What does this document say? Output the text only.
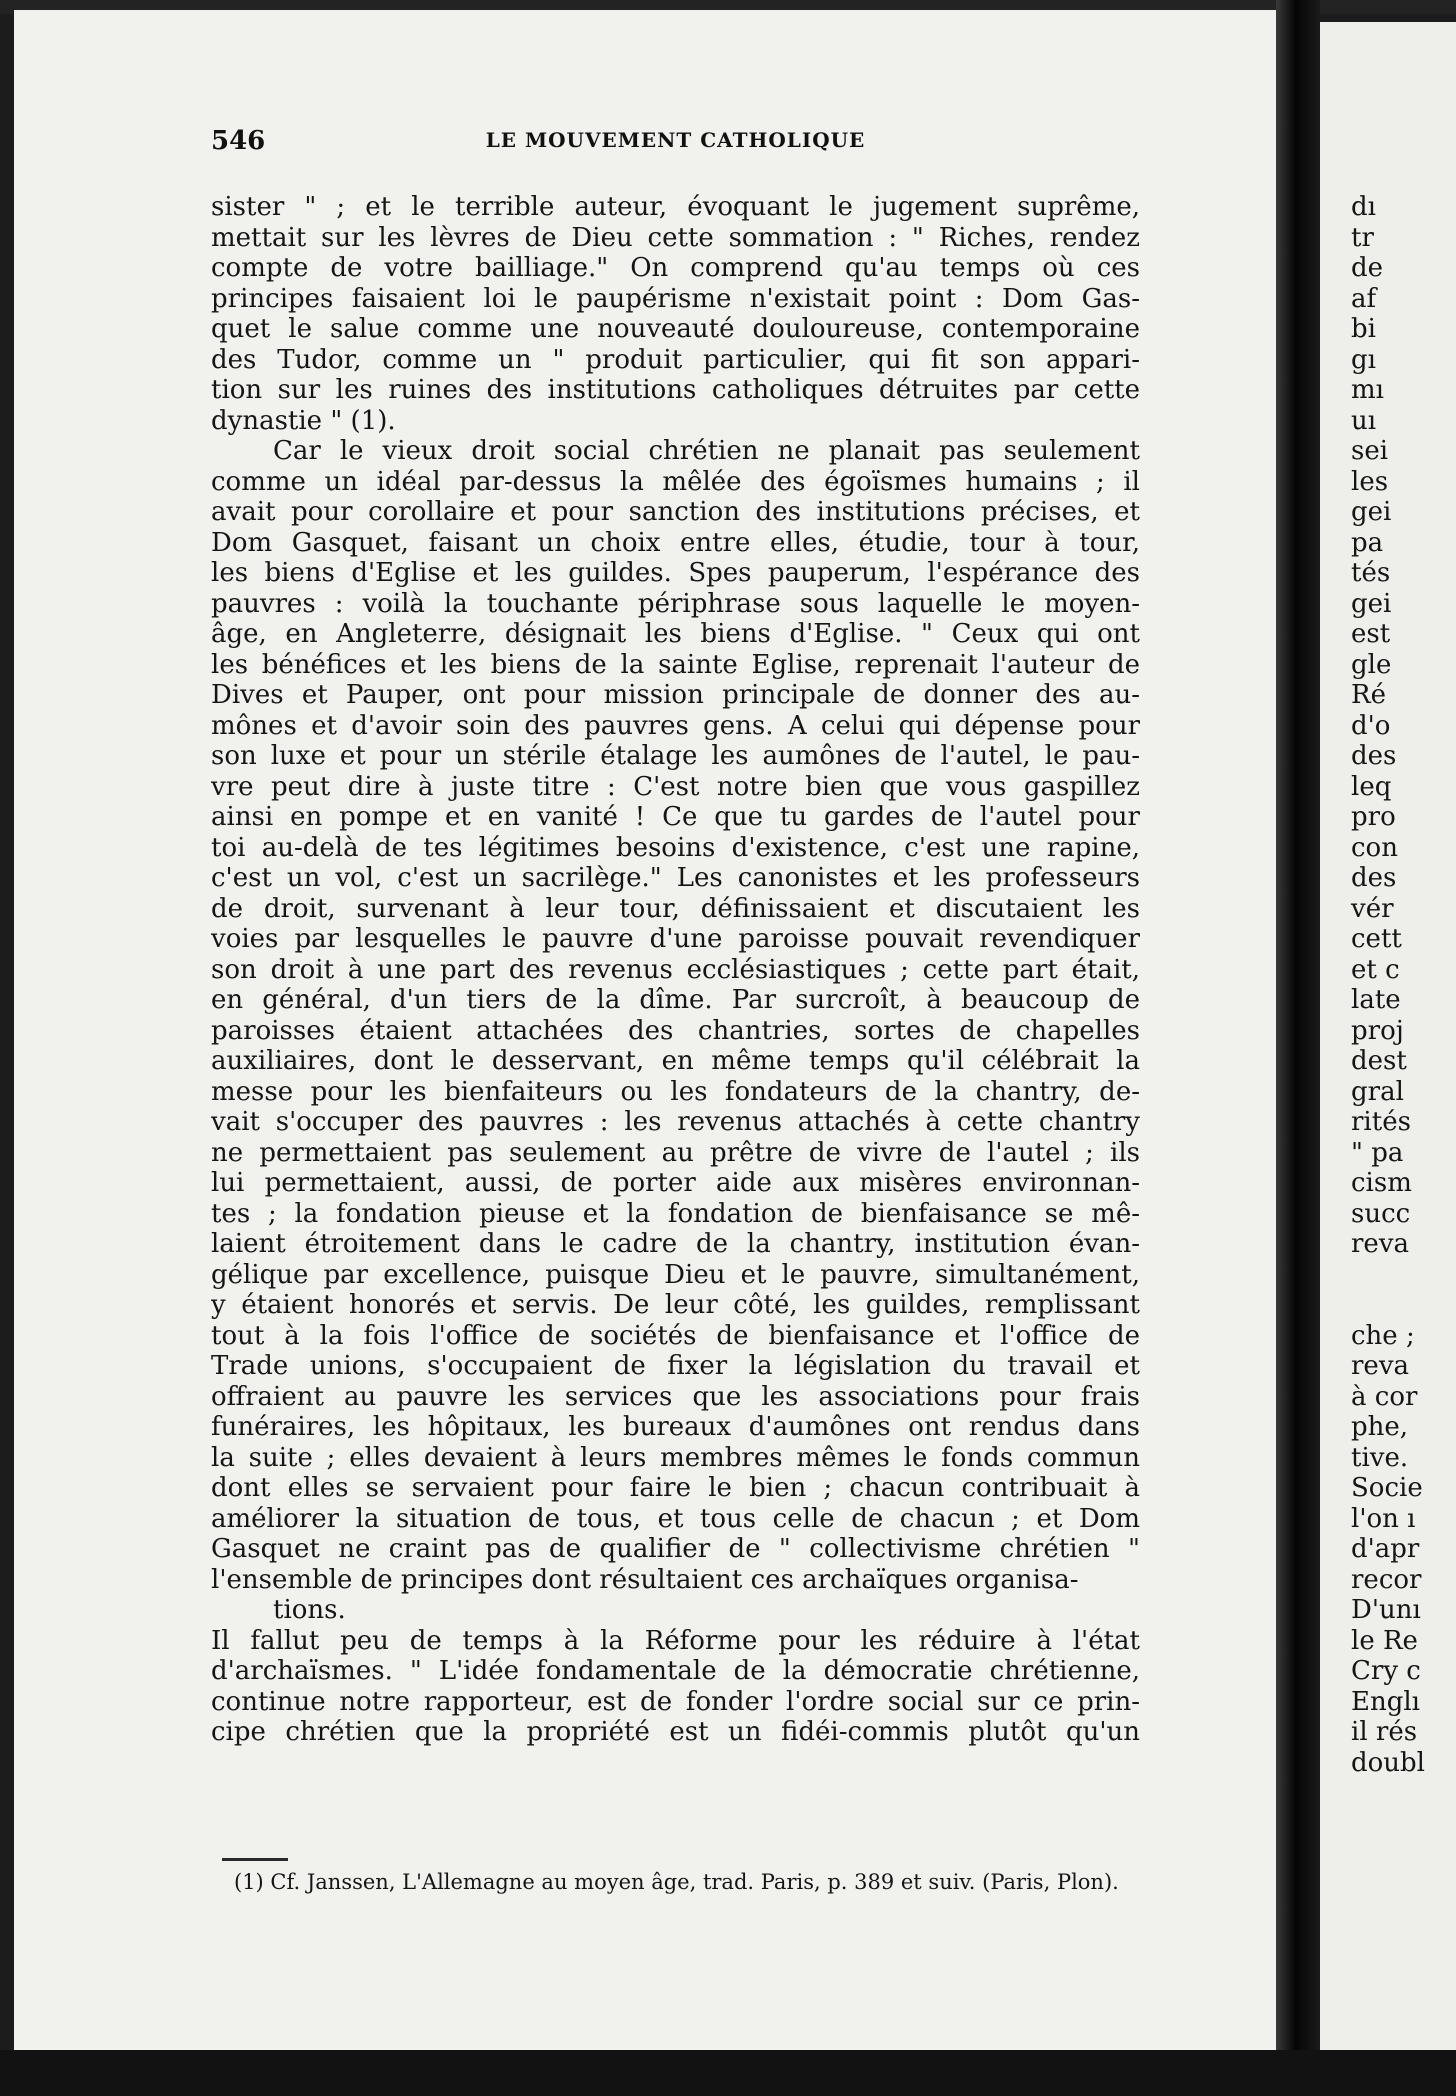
546	LE MOUVEMENT CATHOLIQUE
sister " ; et le terrible auteur, évoquant le jugement suprême,
mettait sur les lèvres de Dieu cette sommation : " Riches, rendez
compte de votre bailliage." On comprend qu'au temps où ces
principes faisaient loi le paupérisme n'existait point : Dom Gas-
quet le salue comme une nouveauté douloureuse, contemporaine
des Tudor, comme un " produit particulier, qui fit son appari-
tion sur les ruines des institutions catholiques détruites par cette
dynastie " (1).
Car le vieux droit social chrétien ne planait pas seulement
comme un idéal par-dessus la mêlée des égoïsmes humains ; il
avait pour corollaire et pour sanction des institutions précises, et
Dom Gasquet, faisant un choix entre elles, étudie, tour à tour,
les biens d'Eglise et les guildes. Spes pauperum, l'espérance des
pauvres : voilà la touchante périphrase sous laquelle le moyen-
âge, en Angleterre, désignait les biens d'Eglise. " Ceux qui ont
les bénéfices et les biens de la sainte Eglise, reprenait l'auteur de
Dives et Pauper, ont pour mission principale de donner des au-
mônes et d'avoir soin des pauvres gens. A celui qui dépense pour
son luxe et pour un stérile étalage les aumônes de l'autel, le pau-
vre peut dire à juste titre : C'est notre bien que vous gaspillez
ainsi en pompe et en vanité ! Ce que tu gardes de l'autel pour
toi au-delà de tes légitimes besoins d'existence, c'est une rapine,
c'est un vol, c'est un sacrilège." Les canonistes et les professeurs
de droit, survenant à leur tour, définissaient et discutaient les
voies par lesquelles le pauvre d'une paroisse pouvait revendiquer
son droit à une part des revenus ecclésiastiques ; cette part était,
en général, d'un tiers de la dîme. Par surcroît, à beaucoup de
paroisses étaient attachées des chantries, sortes de chapelles
auxiliaires, dont le desservant, en même temps qu'il célébrait la
messe pour les bienfaiteurs ou les fondateurs de la chantry, de-
vait s'occuper des pauvres : les revenus attachés à cette chantry
ne permettaient pas seulement au prêtre de vivre de l'autel ; ils
lui permettaient, aussi, de porter aide aux misères environnan-
tes ; la fondation pieuse et la fondation de bienfaisance se mê-
laient étroitement dans le cadre de la chantry, institution évan-
gélique par excellence, puisque Dieu et le pauvre, simultanément,
y étaient honorés et servis. De leur côté, les guildes, remplissant
tout à la fois l'office de sociétés de bienfaisance et l'office de
Trade unions, s'occupaient de fixer la législation du travail et
offraient au pauvre les services que les associations pour frais
funéraires, les hôpitaux, les bureaux d'aumônes ont rendus dans
la suite ; elles devaient à leurs membres mêmes le fonds commun
dont elles se servaient pour faire le bien ; chacun contribuait à
améliorer la situation de tous, et tous celle de chacun ; et Dom
Gasquet ne craint pas de qualifier de " collectivisme chrétien "
l'ensemble de principes dont résultaient ces archaïques organisa-
tions.
Il fallut peu de temps à la Réforme pour les réduire à l'état
d'archaïsmes. " L'idée fondamentale de la démocratie chrétienne,
continue notre rapporteur, est de fonder l'ordre social sur ce prin-
cipe chrétien que la propriété est un fidéi-commis plutôt qu'un
(1) Cf. Janssen, L'Allemagne au moyen âge, trad. Paris, p. 389 et suiv. (Paris, Plon).
dı
tr
de
af
bi
gı
mı
uı
sei
les
gei
pa
tés
gei
est
gle
Ré
d'o
des
leq
pro
con
des
vér
cett
et c
late
proj
dest
gral
rités
" pa
cism
succ
reva
che ;
reva
à cor
phe,
tive.
Socie
l'on ı
d'apr
recor
D'unı
le Re
Cry c
Englı
il rés
doubl
